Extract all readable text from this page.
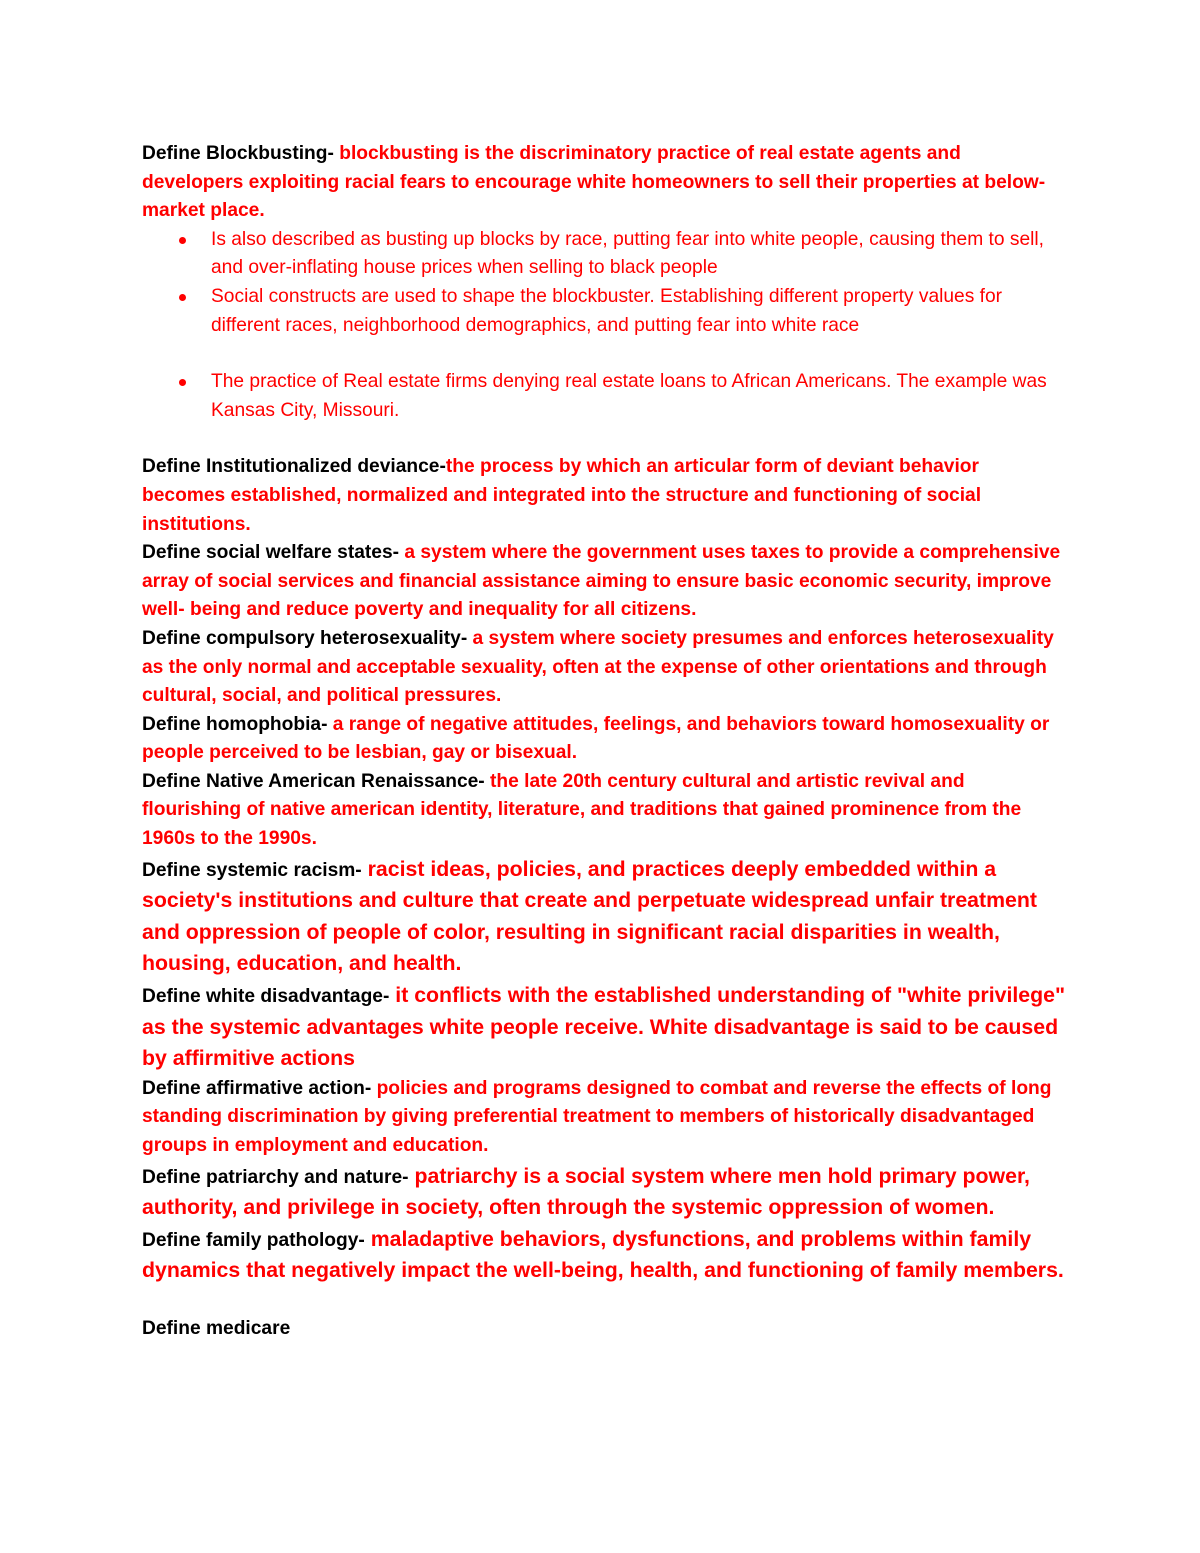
Define Blockbusting- blockbusting is the discriminatory practice of real estate agents and developers exploiting racial fears to encourage white homeowners to sell their properties at below- market place.
Is also described as busting up blocks by race, putting fear into white people, causing them to sell, and over-inflating house prices when selling to black people
Social constructs are used to shape the blockbuster. Establishing different property values for different races, neighborhood demographics, and putting fear into white race
The practice of Real estate firms denying real estate loans to African Americans. The example was Kansas City, Missouri.
Define Institutionalized deviance-the process by which an articular form of deviant behavior becomes established, normalized and integrated into the structure and functioning of social institutions.
Define social welfare states- a system where the government uses taxes to provide a comprehensive array of social services and financial assistance aiming to ensure basic economic security, improve well- being and reduce poverty and inequality for all citizens.
Define compulsory heterosexuality- a system where society presumes and enforces heterosexuality as the only normal and acceptable sexuality, often at the expense of other orientations and through cultural, social, and political pressures.
Define homophobia- a range of negative attitudes, feelings, and behaviors toward homosexuality or people perceived to be lesbian, gay or bisexual.
Define Native American Renaissance- the late 20th century cultural and artistic revival and flourishing of native american identity, literature, and traditions that gained prominence from the 1960s to the 1990s.
Define systemic racism- racist ideas, policies, and practices deeply embedded within a society's institutions and culture that create and perpetuate widespread unfair treatment and oppression of people of color, resulting in significant racial disparities in wealth, housing, education, and health.
Define white disadvantage- it conflicts with the established understanding of "white privilege" as the systemic advantages white people receive. White disadvantage is said to be caused by affirmitive actions
Define affirmative action- policies and programs designed to combat and reverse the effects of long standing discrimination by giving preferential treatment to members of historically disadvantaged groups in employment and education.
Define patriarchy and nature- patriarchy is a social system where men hold primary power, authority, and privilege in society, often through the systemic oppression of women.
Define family pathology- maladaptive behaviors, dysfunctions, and problems within family dynamics that negatively impact the well-being, health, and functioning of family members.
Define medicare
